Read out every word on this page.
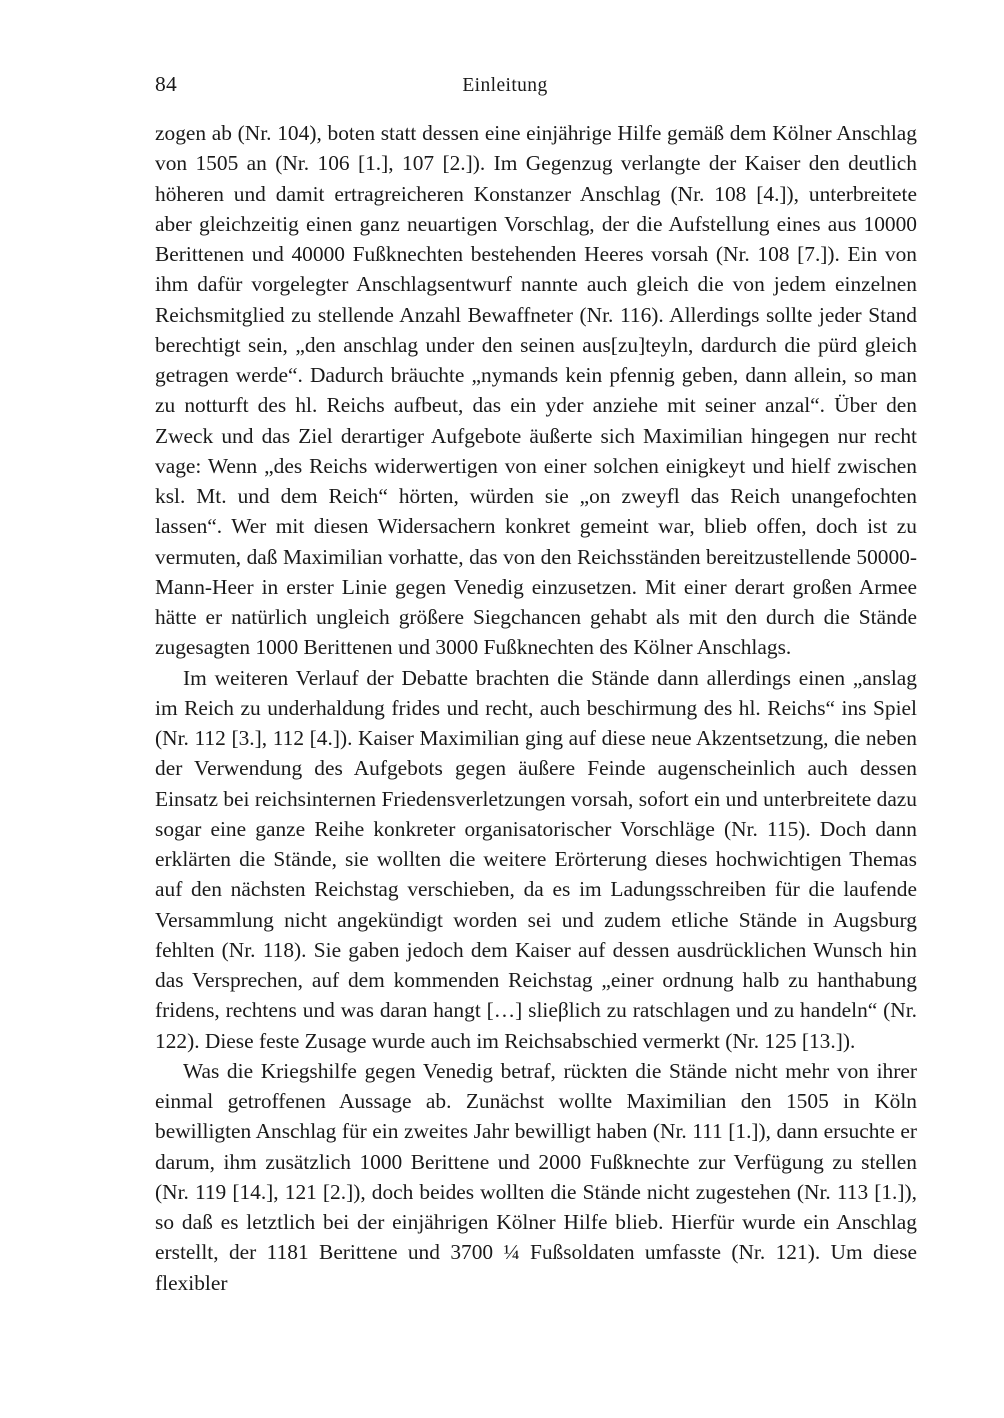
84	Einleitung

zogen ab (Nr. 104), boten statt dessen eine einjährige Hilfe gemäß dem Kölner Anschlag von 1505 an (Nr. 106 [1.], 107 [2.]). Im Gegenzug verlangte der Kaiser den deutlich höheren und damit ertragreicheren Konstanzer Anschlag (Nr. 108 [4.]), unterbreitete aber gleichzeitig einen ganz neuartigen Vorschlag, der die Aufstellung eines aus 10000 Berittenen und 40000 Fußknechten bestehenden Heeres vorsah (Nr. 108 [7.]). Ein von ihm dafür vorgelegter Anschlagsentwurf nannte auch gleich die von jedem einzelnen Reichsmitglied zu stellende Anzahl Bewaffneter (Nr. 116). Allerdings sollte jeder Stand berechtigt sein, „den anschlag under den seinen aus[zu]teyln, dardurch die pürd gleich getragen werde“. Dadurch bräuchte „nymands kein pfennig geben, dann allein, so man zu notturft des hl. Reichs aufbeut, das ein yder anziehe mit seiner anzal“. Über den Zweck und das Ziel derartiger Aufgebote äußerte sich Maximilian hingegen nur recht vage: Wenn „des Reichs widerwertigen von einer solchen einigkeyt und hielf zwischen ksl. Mt. und dem Reich“ hörten, würden sie „on zweyfl das Reich unangefochten lassen“. Wer mit diesen Widersachern konkret gemeint war, blieb offen, doch ist zu vermuten, daß Maximilian vorhatte, das von den Reichsständen bereitzustellende 50000-Mann-Heer in erster Linie gegen Venedig einzusetzen. Mit einer derart großen Armee hätte er natürlich ungleich größere Siegchancen gehabt als mit den durch die Stände zugesagten 1000 Berittenen und 3000 Fußknechten des Kölner Anschlags.

Im weiteren Verlauf der Debatte brachten die Stände dann allerdings einen „anslag im Reich zu underhaldung frides und recht, auch beschirmung des hl. Reichs“ ins Spiel (Nr. 112 [3.], 112 [4.]). Kaiser Maximilian ging auf diese neue Akzentsetzung, die neben der Verwendung des Aufgebots gegen äußere Feinde augenscheinlich auch dessen Einsatz bei reichsinternen Friedensverletzungen vorsah, sofort ein und unterbreitete dazu sogar eine ganze Reihe konkreter organisatorischer Vorschläge (Nr. 115). Doch dann erklärten die Stände, sie wollten die weitere Erörterung dieses hochwichtigen Themas auf den nächsten Reichstag verschieben, da es im Ladungsschreiben für die laufende Versammlung nicht angekündigt worden sei und zudem etliche Stände in Augsburg fehlten (Nr. 118). Sie gaben jedoch dem Kaiser auf dessen ausdrücklichen Wunsch hin das Versprechen, auf dem kommenden Reichstag „einer ordnung halb zu hanthabung fridens, rechtens und was daran hangt […] slieβlich zu ratschlagen und zu handeln“ (Nr. 122). Diese feste Zusage wurde auch im Reichsabschied vermerkt (Nr. 125 [13.]).

Was die Kriegshilfe gegen Venedig betraf, rückten die Stände nicht mehr von ihrer einmal getroffenen Aussage ab. Zunächst wollte Maximilian den 1505 in Köln bewilligten Anschlag für ein zweites Jahr bewilligt haben (Nr. 111 [1.]), dann ersuchte er darum, ihm zusätzlich 1000 Berittene und 2000 Fußknechte zur Verfügung zu stellen (Nr. 119 [14.], 121 [2.]), doch beides wollten die Stände nicht zugestehen (Nr. 113 [1.]), so daß es letztlich bei der einjährigen Kölner Hilfe blieb. Hierfür wurde ein Anschlag erstellt, der 1181 Berittene und 3700 ¼ Fußsoldaten umfasste (Nr. 121). Um diese flexibler
